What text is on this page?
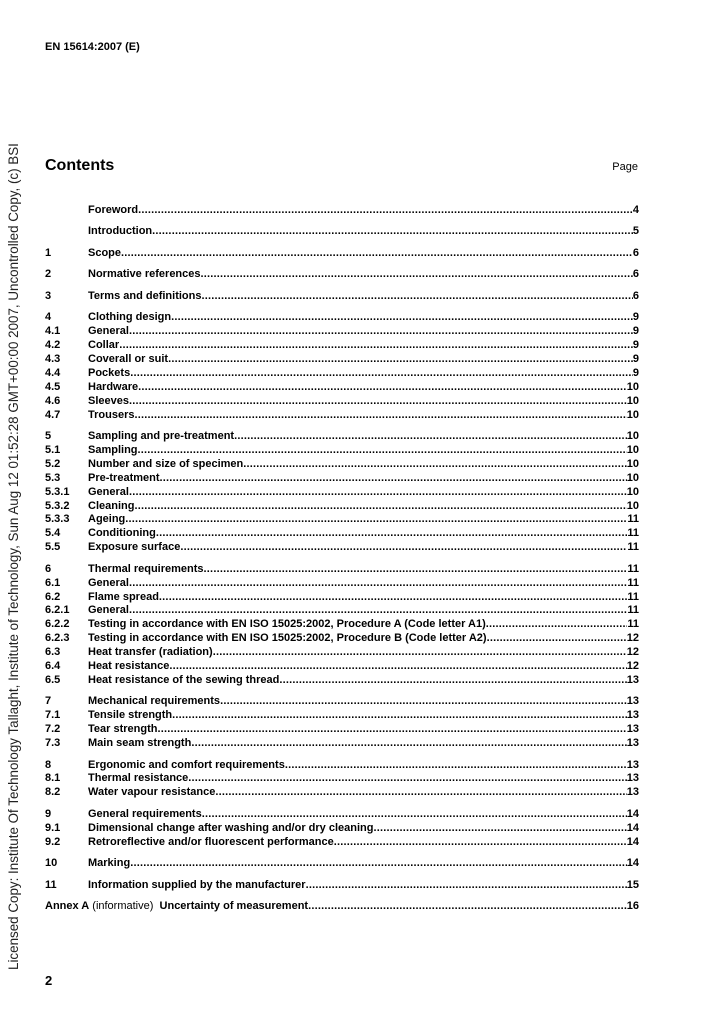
Licensed Copy: Institute Of Technology Tallaght, Institute of Technology, Sun Aug 12 01:52:28 GMT+00:00 2007, Uncontrolled Copy, (c) BSI
EN 15614:2007 (E)
Contents	Page
Foreword .....	4
Introduction .....	5
1	Scope .....	6
2	Normative references .....	6
3	Terms and definitions .....	6
4	Clothing design .....	9
4.1	General .....	9
4.2	Collar .....	9
4.3	Coverall or suit .....	9
4.4	Pockets .....	9
4.5	Hardware .....	10
4.6	Sleeves .....	10
4.7	Trousers .....	10
5	Sampling and pre-treatment .....	10
5.1	Sampling .....	10
5.2	Number and size of specimen .....	10
5.3	Pre-treatment .....	10
5.3.1	General .....	10
5.3.2	Cleaning .....	10
5.3.3	Ageing .....	11
5.4	Conditioning .....	11
5.5	Exposure surface .....	11
6	Thermal requirements .....	11
6.1	General .....	11
6.2	Flame spread .....	11
6.2.1	General .....	11
6.2.2	Testing in accordance with EN ISO 15025:2002, Procedure A (Code letter A1) .....	11
6.2.3	Testing in accordance with EN ISO 15025:2002, Procedure B (Code letter A2) .....	12
6.3	Heat transfer (radiation) .....	12
6.4	Heat resistance .....	12
6.5	Heat resistance of the sewing thread .....	13
7	Mechanical requirements .....	13
7.1	Tensile strength .....	13
7.2	Tear strength .....	13
7.3	Main seam strength .....	13
8	Ergonomic and comfort requirements .....	13
8.1	Thermal resistance .....	13
8.2	Water vapour resistance .....	13
9	General requirements .....	14
9.1	Dimensional change after washing and/or dry cleaning .....	14
9.2	Retroreflective and/or fluorescent performance .....	14
10	Marking .....	14
11	Information supplied by the manufacturer .....	15
Annex A (informative) Uncertainty of measurement .....	16
2
